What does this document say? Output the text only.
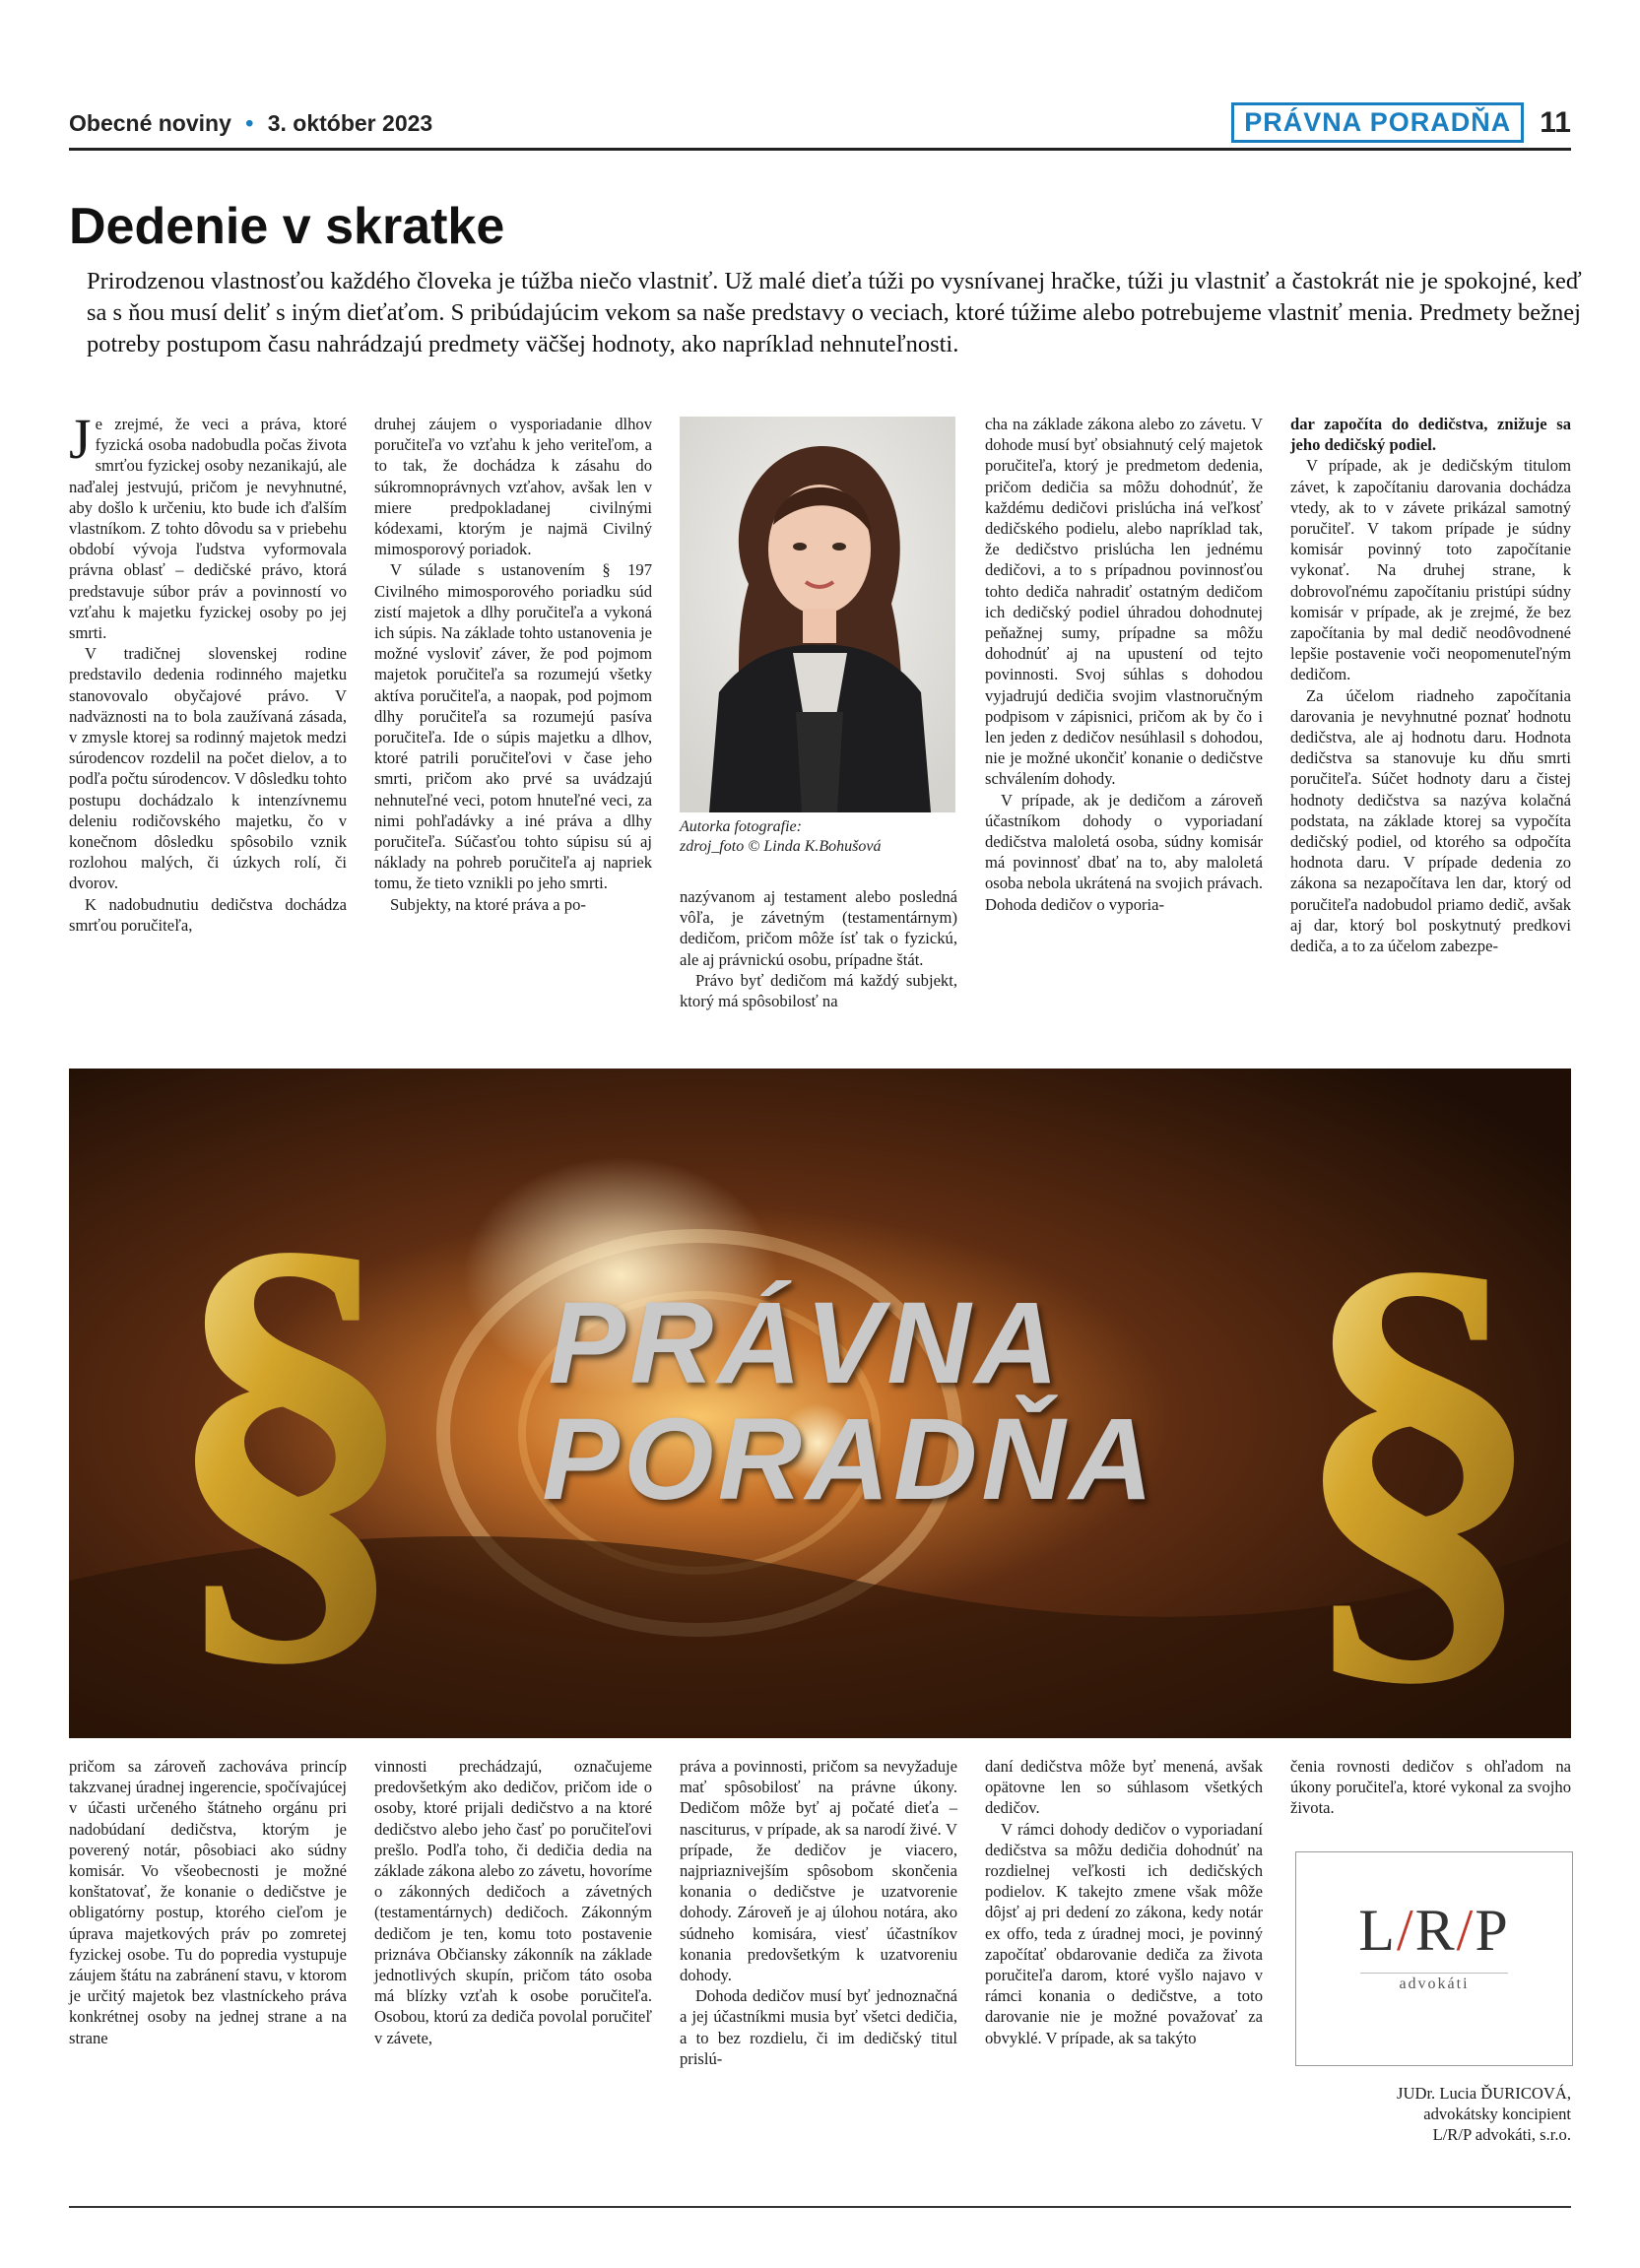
Obecné noviny • 3. október 2023	PRÁVNA PORADŇA 11
Dedenie v skratke
Prirodzenou vlastnosťou každého človeka je túžba niečo vlastniť. Už malé dieťa túži po vysnívanej hračke, túži ju vlastniť a častokrát nie je spokojné, keď sa s ňou musí deliť s iným dieťaťom. S pribúdajúcim vekom sa naše predstavy o veciach, ktoré túžime alebo potrebujeme vlastniť menia. Predmety bežnej potreby postupom času nahrádzajú predmety väčšej hodnoty, ako napríklad nehnuteľnosti.

Je zrejmé, že veci a práva, ktoré fyzická osoba nadobudla počas života smrťou fyzickej osoby nezanikajú, ale naďalej jestvujú, pričom je nevyhnutné, aby došlo k určeniu, kto bude ich ďalším vlastníkom. Z tohto dôvodu sa v priebehu období vývoja ľudstva vyformovala právna oblasť – dedičské právo, ktorá predstavuje súbor práv a povinností vo vzťahu k majetku fyzickej osoby po jej smrti.

V tradičnej slovenskej rodine predstavilo dedenia rodinného majetku stanovovalo obyčajové právo. V nadväznosti na to bola zaužívaná zásada, v zmysle ktorej sa rodinný majetok medzi súrodencov rozdelil na počet dielov, a to podľa počtu súrodencov. V dôsledku tohto postupu dochádzalo k intenzívnemu deleniu rodičovského majetku, čo v konečnom dôsledku spôsobilo vznik rozlohou malých, či úzkych rolí, či dvorov.

K nadobudnutiu dedičstva dochádza smrťou poručiteľa,

druhej záujem o vysporiadanie dlhov poručiteľa vo vzťahu k jeho veriteľom, a to tak, že dochádza k zásahu do súkromnoprávnych vzťahov, avšak len v miere predpokladanej civilnými kódexami, ktorým je najmä Civilný mimosporový poriadok.

V súlade s ustanovením § 197 Civilného mimosporového poriadku súd zistí majetok a dlhy poručiteľa a vykoná ich súpis. Na základe tohto ustanovenia je možné vysloviť záver, že pod pojmom majetok poručiteľa sa rozumejú všetky aktíva poručiteľa, a naopak, pod pojmom dlhy poručiteľa sa rozumejú pasíva poručiteľa. Ide o súpis majetku a dlhov, ktoré patrili poručiteľovi v čase jeho smrti, pričom ako prvé sa uvádzajú nehnuteľné veci, potom hnuteľné veci, za nimi pohľadávky a iné práva a dlhy poručiteľa. Súčasťou tohto súpisu sú aj náklady na pohreb poručiteľa aj napriek tomu, že tieto vznikli po jeho smrti.

Subjekty, na ktoré práva a po-

Autorka fotografie:
zdroj_foto © Linda K.Bohušová

nazývanom aj testament alebo posledná vôľa, je závetným (testamentárnym) dedičom, pričom môže ísť tak o fyzickú, ale aj právnickú osobu, prípadne štát.

Právo byť dedičom má každý subjekt, ktorý má spôsobilosť na

cha na základe zákona alebo zo závetu. V dohode musí byť obsiahnutý celý majetok poručiteľa, ktorý je predmetom dedenia, pričom dedičia sa môžu dohodnúť, že každému dedičovi prislúcha iná veľkosť dedičského podielu, alebo napríklad tak, že dedičstvo prislúcha len jednému dedičovi, a to s prípadnou povinnosťou tohto dediča nahradiť ostatným dedičom ich dedičský podiel úhradou dohodnutej peňažnej sumy, prípadne sa môžu dohodnúť aj na upustení od tejto povinnosti. Svoj súhlas s dohodou vyjadrujú dedičia svojim vlastnoručným podpisom v zápisnici, pričom ak by čo i len jeden z dedičov nesúhlasil s dohodou, nie je možné ukončiť konanie o dedičstve schválením dohody.

V prípade, ak je dedičom a zároveň účastníkom dohody o vyporiadaní dedičstva maloletá osoba, súdny komisár má povinnosť dbať na to, aby maloletá osoba nebola ukrátená na svojich právach. Dohoda dedičov o vyporia-

dar započíta do dedičstva, znižuje sa jeho dedičský podiel.

V prípade, ak je dedičským titulom závet, k započítaniu darovania dochádza vtedy, ak to v závete prikázal samotný poručiteľ. V takom prípade je súdny komisár povinný toto započítanie vykonať. Na druhej strane, k dobrovoľnému započítaniu pristúpi súdny komisár v prípade, ak je zrejmé, že bez započítania by mal dedič neodôvodnené lepšie postavenie voči neopomenuteľným dedičom.

Za účelom riadneho započítania darovania je nevyhnutné poznať hodnotu dedičstva, ale aj hodnotu daru. Hodnota dedičstva sa stanovuje ku dňu smrti poručiteľa. Súčet hodnoty daru a čistej hodnoty dedičstva sa nazýva kolačná podstata, na základe ktorej sa vypočíta dedičský podiel, od ktorého sa odpočíta hodnota daru. V prípade dedenia zo zákona sa nezapočítava len dar, ktorý od poručiteľa nadobudol priamo dedič, avšak aj dar, ktorý bol poskytnutý predkovi dediča, a to za účelom zabezpe-

§ §
PRÁVNA
PORADŇA

pričom sa zároveň zachováva princíp takzvanej úradnej ingerencie, spočívajúcej v účasti určeného štátneho orgánu pri nadobúdaní dedičstva, ktorým je poverený notár, pôsobiaci ako súdny komisár. Vo všeobecnosti je možné konštatovať, že konanie o dedičstve je obligatórny postup, ktorého cieľom je úprava majetkových práv po zomretej fyzickej osobe. Tu do popredia vystupuje záujem štátu na zabránení stavu, v ktorom je určitý majetok bez vlastníckeho práva konkrétnej osoby na jednej strane a na strane

vinnosti prechádzajú, označujeme predovšetkým ako dedičov, pričom ide o osoby, ktoré prijali dedičstvo a na ktoré dedičstvo alebo jeho časť po poručiteľovi prešlo. Podľa toho, či dedičia dedia na základe zákona alebo zo závetu, hovoríme o zákonných dedičoch a závetných (testamentárnych) dedičoch. Zákonným dedičom je ten, komu toto postavenie priznáva Občiansky zákonník na základe jednotlivých skupín, pričom táto osoba má blízky vzťah k osobe poručiteľa. Osobou, ktorú za dediča povolal poručiteľ v závete,

práva a povinnosti, pričom sa nevyžaduje mať spôsobilosť na právne úkony. Dedičom môže byť aj počaté dieťa – nasciturus, v prípade, ak sa narodí živé. V prípade, že dedičov je viacero, najpriaznivejším spôsobom skončenia konania o dedičstve je uzatvorenie dohody. Zároveň je aj úlohou notára, ako súdneho komisára, viesť účastníkov konania predovšetkým k uzatvoreniu dohody.

Dohoda dedičov musí byť jednoznačná a jej účastníkmi musia byť všetci dedičia, a to bez rozdielu, či im dedičský titul prislú-

daní dedičstva môže byť menená, avšak opätovne len so súhlasom všetkých dedičov.

V rámci dohody dedičov o vyporiadaní dedičstva sa môžu dedičia dohodnúť na rozdielnej veľkosti ich dedičských podielov. K takejto zmene však môže dôjsť aj pri dedení zo zákona, kedy notár ex offo, teda z úradnej moci, je povinný započítať obdarovanie dediča za života poručiteľa darom, ktoré vyšlo najavo v rámci konania o dedičstve, a toto darovanie nie je možné považovať za obvyklé. V prípade, ak sa takýto

čenia rovnosti dedičov s ohľadom na úkony poručiteľa, ktoré vykonal za svojho života.

L/R/P
advokáti
JUDr. Lucia ĎURICOVÁ,
advokátsky koncipient
L/R/P advokáti, s.r.o.
